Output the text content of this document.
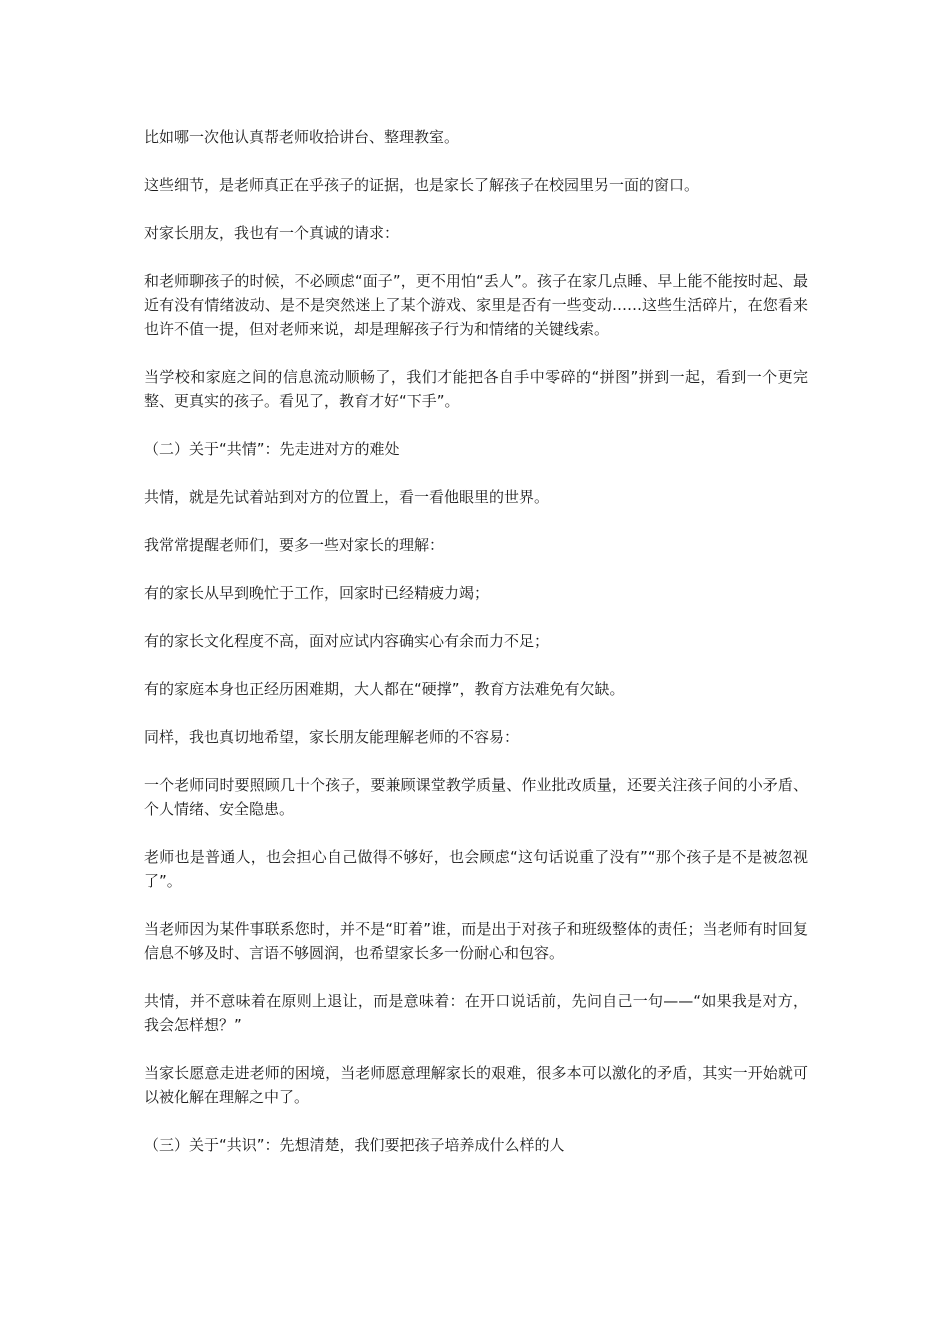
比如哪一次他认真帮老师收拾讲台、整理教室。

这些细节，是老师真正在乎孩子的证据，也是家长了解孩子在校园里另一面的窗口。

对家长朋友，我也有一个真诚的请求：

和老师聊孩子的时候，不必顾虑“面子”，更不用怕“丢人”。孩子在家几点睡、早上能不能按时起、最近有没有情绪波动、是不是突然迷上了某个游戏、家里是否有一些变动……这些生活碎片，在您看来也许不值一提，但对老师来说，却是理解孩子行为和情绪的关键线索。

当学校和家庭之间的信息流动顺畅了，我们才能把各自手中零碎的“拼图”拼到一起，看到一个更完整、更真实的孩子。看见了，教育才好“下手”。

（二）关于“共情”：先走进对方的难处

共情，就是先试着站到对方的位置上，看一看他眼里的世界。

我常常提醒老师们，要多一些对家长的理解：

有的家长从早到晚忙于工作，回家时已经精疲力竭；

有的家长文化程度不高，面对应试内容确实心有余而力不足；

有的家庭本身也正经历困难期，大人都在“硬撑”，教育方法难免有欠缺。

同样，我也真切地希望，家长朋友能理解老师的不容易：

一个老师同时要照顾几十个孩子，要兼顾课堂教学质量、作业批改质量，还要关注孩子间的小矛盾、个人情绪、安全隐患。

老师也是普通人，也会担心自己做得不够好，也会顾虑“这句话说重了没有”“那个孩子是不是被忽视了”。

当老师因为某件事联系您时，并不是“盯着”谁，而是出于对孩子和班级整体的责任；当老师有时回复信息不够及时、言语不够圆润，也希望家长多一份耐心和包容。

共情，并不意味着在原则上退让，而是意味着：在开口说话前，先问自己一句——“如果我是对方，我会怎样想？”

当家长愿意走进老师的困境，当老师愿意理解家长的艰难，很多本可以激化的矛盾，其实一开始就可以被化解在理解之中了。

（三）关于“共识”：先想清楚，我们要把孩子培养成什么样的人
